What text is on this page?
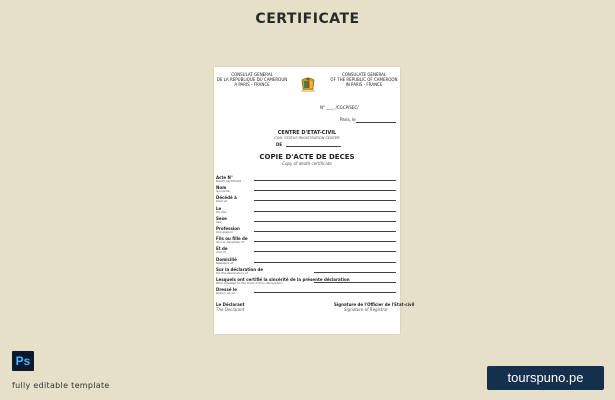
CERTIFICATE
CONSULAT GENERAL
DE LA REPUBLIQUE DU CAMEROUN
A PARIS - FRANCE
CONSULATE GENERAL
OF THE REPUBLIC OF CAMEROON
IN PARIS - FRANCE
N° ____ /CGCP/SEC/
Paris, le
CENTRE D'ETAT-CIVIL
CIVIL STATUS REGISTRATION CENTER
DE
COPIE D'ACTE DE DECES
Copy of death certificate
Acte N°
Death certificate
Nom
Surname
Décédé à
Died at
Le
On the
Sexe
Sex
Profession
Occupation
Fils ou fille de
Son or daughter of
Et de
And of
Domicilié
Resident at
Sur la déclaration de
On the declaration of
Lesquels ont certifié la sincérité de la présente déclaration
Who attested to the truth of this declaration
Dressé le
Drawn up on
Le Déclarant
The Declarant
Signature de l'Officier de l'Etat-civil
Signature of Registrar
Ps
fully editable template
tourspuno.pe
